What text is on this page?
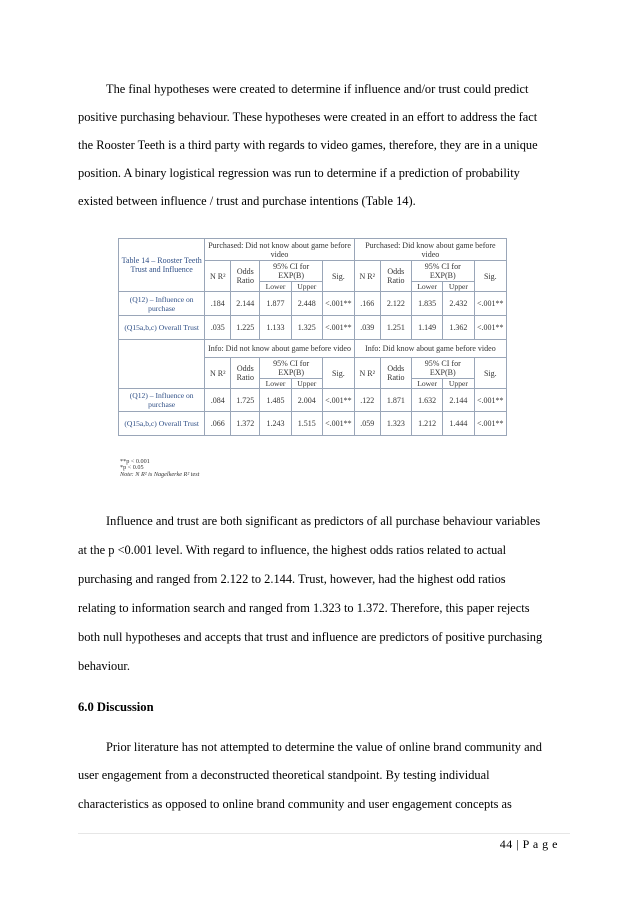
The final hypotheses were created to determine if influence and/or trust could predict
positive purchasing behaviour. These hypotheses were created in an effort to address the fact
the Rooster Teeth is a third party with regards to video games, therefore, they are in a unique
position. A binary logistical regression was run to determine if a prediction of probability
existed between influence / trust and purchase intentions (Table 14).
Table 14 – Rooster Teeth Trust and Influence	Purchased: Did not know about game before video					Purchased: Did know about game before video				
	N R²	Odds Ratio	95% CI for EXP(B)		Sig.	N R²	Odds Ratio	95% CI for EXP(B)		Sig.
			Lower	Upper				Lower	Upper	
(Q12) – Influence on purchase	.184	2.144	1.877	2.448	<.001**	.166	2.122	1.835	2.432	<.001**
(Q15a,b,c) Overall Trust	.035	1.225	1.133	1.325	<.001**	.039	1.251	1.149	1.362	<.001**
	Info: Did not know about game before video					Info: Did know about game before video				
	N R²	Odds Ratio	95% CI for EXP(B)		Sig.	N R²	Odds Ratio	95% CI for EXP(B)		Sig.
			Lower	Upper				Lower	Upper	
(Q12) – Influence on purchase	.084	1.725	1.485	2.004	<.001**	.122	1.871	1.632	2.144	<.001**
(Q15a,b,c) Overall Trust	.066	1.372	1.243	1.515	<.001**	.059	1.323	1.212	1.444	<.001**
**p < 0.001
*p < 0.05
Note: N R² is Nagelkerke R² test
Influence and trust are both significant as predictors of all purchase behaviour variables
at the p <0.001 level. With regard to influence, the highest odds ratios related to actual
purchasing and ranged from 2.122 to 2.144. Trust, however, had the highest odd ratios
relating to information search and ranged from 1.323 to 1.372. Therefore, this paper rejects
both null hypotheses and accepts that trust and influence are predictors of positive purchasing
behaviour.
6.0 Discussion
Prior literature has not attempted to determine the value of online brand community and
user engagement from a deconstructed theoretical standpoint. By testing individual
characteristics as opposed to online brand community and user engagement concepts as
44 | P a g e
